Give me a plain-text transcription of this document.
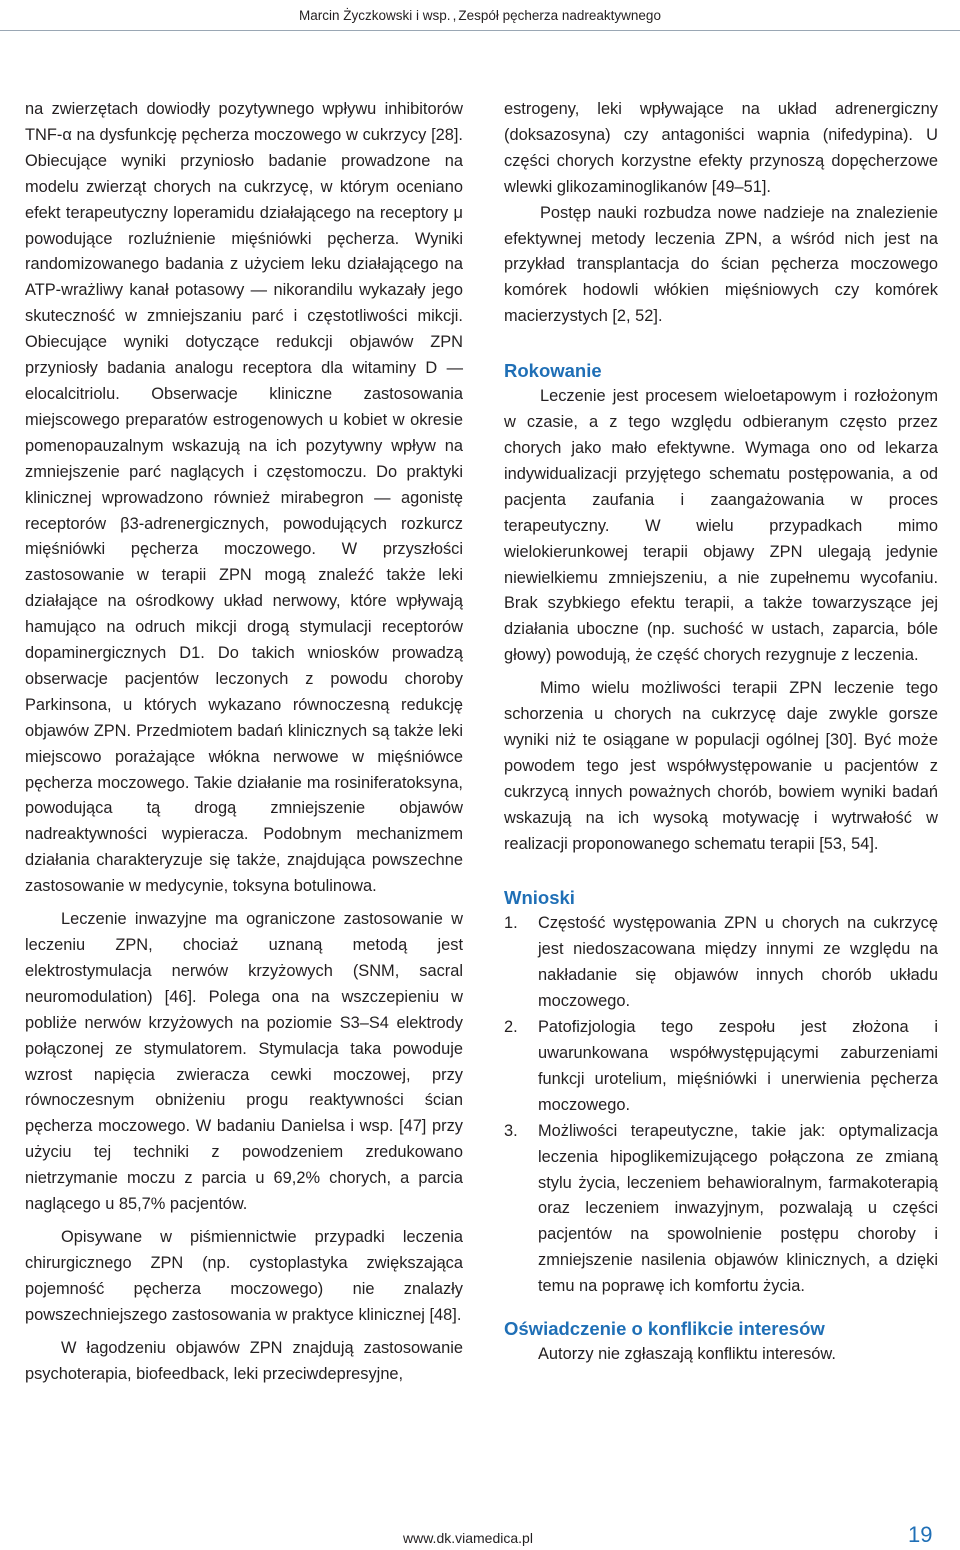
Marcin Życzkowski i wsp. , Zespół pęcherza nadreaktywnego

na zwierzętach dowiodły pozytywnego wpływu inhibitorów TNF-α na dysfunkcję pęcherza moczowego w cukrzycy [28]. Obiecujące wyniki przyniosło badanie prowadzone na modelu zwierząt chorych na cukrzycę, w którym oceniano efekt terapeutyczny loperamidu działającego na receptory μ powodujące rozluźnienie mięśniówki pęcherza. Wyniki randomizowanego badania z użyciem leku działającego na ATP-wrażliwy kanał potasowy — nikorandilu wykazały jego skuteczność w zmniejszaniu parć i częstotliwości mikcji. Obiecujące wyniki dotyczące redukcji objawów ZPN przyniosły badania analogu receptora dla witaminy D — elocalcitriolu. Obserwacje kliniczne zastosowania miejscowego preparatów estrogenowych u kobiet w okresie pomenopauzalnym wskazują na ich pozytywny wpływ na zmniejszenie parć naglących i częstomoczu. Do praktyki klinicznej wprowadzono również mirabegron — agonistę receptorów β3-adrenergicznych, powodujących rozkurcz mięśniówki pęcherza moczowego. W przyszłości zastosowanie w terapii ZPN mogą znaleźć także leki działające na ośrodkowy układ nerwowy, które wpływają hamująco na odruch mikcji drogą stymulacji receptorów dopaminergicznych D1. Do takich wniosków prowadzą obserwacje pacjentów leczonych z powodu choroby Parkinsona, u których wykazano równoczesną redukcję objawów ZPN. Przedmiotem badań klinicznych są także leki miejscowo porażające włókna nerwowe w mięśniówce pęcherza moczowego. Takie działanie ma rosiniferatoksyna, powodująca tą drogą zmniejszenie objawów nadreaktywności wypieracza. Podobnym mechanizmem działania charakteryzuje się także, znajdująca powszechne zastosowanie w medycynie, toksyna botulinowa.

Leczenie inwazyjne ma ograniczone zastosowanie w leczeniu ZPN, chociaż uznaną metodą jest elektrostymulacja nerwów krzyżowych (SNM, sacral neuromodulation) [46]. Polega ona na wszczepieniu w pobliże nerwów krzyżowych na poziomie S3–S4 elektrody połączonej ze stymulatorem. Stymulacja taka powoduje wzrost napięcia zwieracza cewki moczowej, przy równoczesnym obniżeniu progu reaktywności ścian pęcherza moczowego. W badaniu Danielsa i wsp. [47] przy użyciu tej techniki z powodzeniem zredukowano nietrzymanie moczu z parcia u 69,2% chorych, a parcia naglącego u 85,7% pacjentów.

Opisywane w piśmiennictwie przypadki leczenia chirurgicznego ZPN (np. cystoplastyka zwiększająca pojemność pęcherza moczowego) nie znalazły powszechniejszego zastosowania w praktyce klinicznej [48].

W łagodzeniu objawów ZPN znajdują zastosowanie psychoterapia, biofeedback, leki przeciwdepresyjne,

estrogeny, leki wpływające na układ adrenergiczny (doksazosyna) czy antagoniści wapnia (nifedypina). U części chorych korzystne efekty przynoszą dopęcherzowe wlewki glikozaminoglikanów [49–51].

Postęp nauki rozbudza nowe nadzieje na znalezienie efektywnej metody leczenia ZPN, a wśród nich jest na przykład transplantacja do ścian pęcherza moczowego komórek hodowli włókien mięśniowych czy komórek macierzystych [2, 52].

Rokowanie

Leczenie jest procesem wieloetapowym i rozłożonym w czasie, a z tego względu odbieranym często przez chorych jako mało efektywne. Wymaga ono od lekarza indywidualizacji przyjętego schematu postępowania, a od pacjenta zaufania i zaangażowania w proces terapeutyczny. W wielu przypadkach mimo wielokierunkowej terapii objawy ZPN ulegają jedynie niewielkiemu zmniejszeniu, a nie zupełnemu wycofaniu. Brak szybkiego efektu terapii, a także towarzyszące jej działania uboczne (np. suchość w ustach, zaparcia, bóle głowy) powodują, że część chorych rezygnuje z leczenia.

Mimo wielu możliwości terapii ZPN leczenie tego schorzenia u chorych na cukrzycę daje zwykle gorsze wyniki niż te osiągane w populacji ogólnej [30]. Być może powodem tego jest współwystępowanie u pacjentów z cukrzycą innych poważnych chorób, bowiem wyniki badań wskazują na ich wysoką motywację i wytrwałość w realizacji proponowanego schematu terapii [53, 54].

Wnioski
1. Częstość występowania ZPN u chorych na cukrzycę jest niedoszacowana między innymi ze względu na nakładanie się objawów innych chorób układu moczowego.
2. Patofizjologia tego zespołu jest złożona i uwarunkowana współwystępującymi zaburzeniami funkcji urotelium, mięśniówki i unerwienia pęcherza moczowego.
3. Możliwości terapeutyczne, takie jak: optymalizacja leczenia hipoglikemizującego połączona ze zmianą stylu życia, leczeniem behawioralnym, farmakoterapią oraz leczeniem inwazyjnym, pozwalają u części pacjentów na spowolnienie postępu choroby i zmniejszenie nasilenia objawów klinicznych, a dzięki temu na poprawę ich komfortu życia.
Oświadczenie o konflikcie interesów

Autorzy nie zgłaszają konfliktu interesów.

www.dk.viamedica.pl	19
